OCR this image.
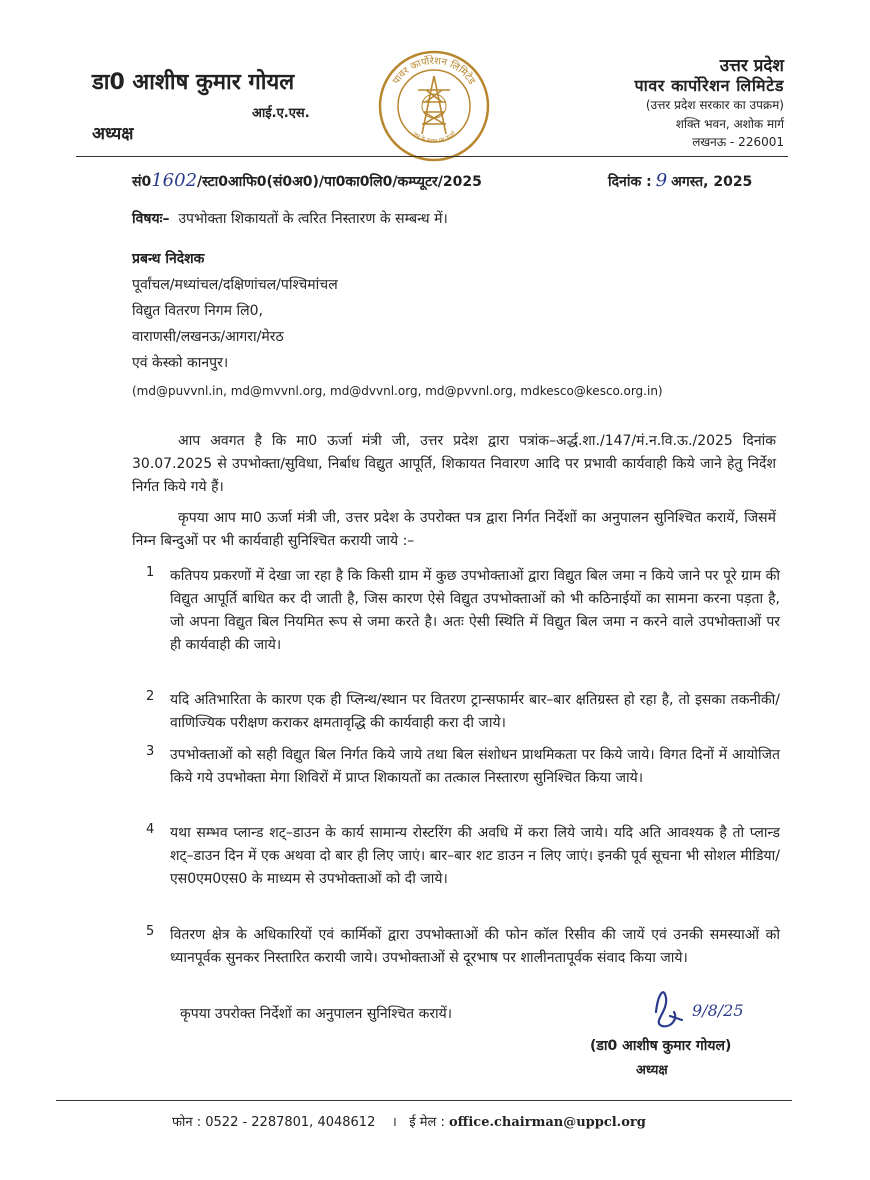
डा0 आशीष कुमार गोयल
आई.ए.एस.
अध्यक्ष
पावर कार्पोरेशन लिमिटेड
जन के सतत पर ऊर्जा
उत्तर प्रदेश
पावर कार्पोरेशन लिमिटेड
(उत्तर प्रदेश सरकार का उपक्रम)
शक्ति भवन, अशोक मार्ग
लखनऊ - 226001
सं01602/स्टा0आफि0(सं0अ0)/पा0का0लि0/कम्प्यूटर/2025	दिनांक : 9 अगस्त, 2025
विषयः– उपभोक्ता शिकायतों के त्वरित निस्तारण के सम्बन्ध में।
प्रबन्ध निदेशक
पूर्वांचल/मध्यांचल/दक्षिणांचल/पश्चिमांचल
विद्युत वितरण निगम लि0,
वाराणसी/लखनऊ/आगरा/मेरठ
एवं केस्को कानपुर।
(md@puvvnl.in, md@mvvnl.org, md@dvvnl.org, md@pvvnl.org, mdkesco@kesco.org.in)
आप अवगत है कि मा0 ऊर्जा मंत्री जी, उत्तर प्रदेश द्वारा पत्रांक–अर्द्ध.शा./147/मं.न.वि.ऊ./2025 दिनांक 30.07.2025 से उपभोक्ता/सुविधा, निर्बाध विद्युत आपूर्ति, शिकायत निवारण आदि पर प्रभावी कार्यवाही किये जाने हेतु निर्देश निर्गत किये गये हैं।
कृपया आप मा0 ऊर्जा मंत्री जी, उत्तर प्रदेश के उपरोक्त पत्र द्वारा निर्गत निर्देशों का अनुपालन सुनिश्चित करायें, जिसमें निम्न बिन्दुओं पर भी कार्यवाही सुनिश्चित करायी जाये :–
1	कतिपय प्रकरणों में देखा जा रहा है कि किसी ग्राम में कुछ उपभोक्ताओं द्वारा विद्युत बिल जमा न किये जाने पर पूरे ग्राम की विद्युत आपूर्ति बाधित कर दी जाती है, जिस कारण ऐसे विद्युत उपभोक्ताओं को भी कठिनाईयों का सामना करना पड़ता है, जो अपना विद्युत बिल नियमित रूप से जमा करते है। अतः ऐसी स्थिति में विद्युत बिल जमा न करने वाले उपभोक्ताओं पर ही कार्यवाही की जाये।
2	यदि अतिभारिता के कारण एक ही प्लिन्थ/स्थान पर वितरण ट्रान्सफार्मर बार–बार क्षतिग्रस्त हो रहा है, तो इसका तकनीकी/वाणिज्यिक परीक्षण कराकर क्षमतावृद्धि की कार्यवाही करा दी जाये।
3	उपभोक्ताओं को सही विद्युत बिल निर्गत किये जाये तथा बिल संशोधन प्राथमिकता पर किये जाये। विगत दिनों में आयोजित किये गये उपभोक्ता मेगा शिविरों में प्राप्त शिकायतों का तत्काल निस्तारण सुनिश्चित किया जाये।
4	यथा सम्भव प्लान्ड शट्–डाउन के कार्य सामान्य रोस्टरिंग की अवधि में करा लिये जाये। यदि अति आवश्यक है तो प्लान्ड शट्–डाउन दिन में एक अथवा दो बार ही लिए जाएं। बार–बार शट डाउन न लिए जाएं। इनकी पूर्व सूचना भी सोशल मीडिया/एस0एम0एस0 के माध्यम से उपभोक्ताओं को दी जाये।
5	वितरण क्षेत्र के अधिकारियों एवं कार्मिकों द्वारा उपभोक्ताओं की फोन कॉल रिसीव की जायें एवं उनकी समस्याओं को ध्यानपूर्वक सुनकर निस्तारित करायी जाये। उपभोक्ताओं से दूरभाष पर शालीनतापूर्वक संवाद किया जाये।
कृपया उपरोक्त निर्देशों का अनुपालन सुनिश्चित करायें।	9/8/25
(डा0 आशीष कुमार गोयल)
अध्यक्ष
फोन : 0522 - 2287801, 4048612 । ई मेल : office.chairman@uppcl.org
